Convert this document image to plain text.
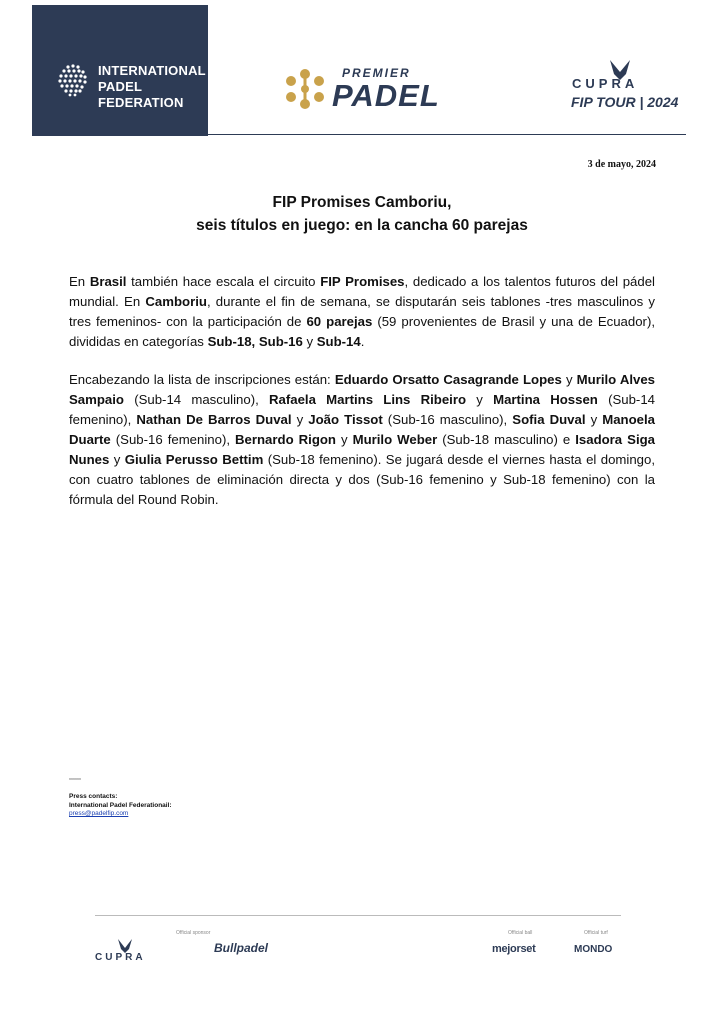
INTERNATIONAL
PADEL
FEDERATION
PREMIER
PADEL	CUPRA
FIP TOUR | 2024
3 de mayo, 2024
FIP Promises Camboriu,
seis títulos en juego: en la cancha 60 parejas

En Brasil también hace escala el circuito FIP Promises, dedicado a los talentos futuros del pádel mundial. En Camboriu, durante el fin de semana, se disputarán seis tablones -tres masculinos y tres femeninos- con la participación de 60 parejas (59 provenientes de Brasil y una de Ecuador), divididas en categorías Sub-18, Sub-16 y Sub-14.

Encabezando la lista de inscripciones están: Eduardo Orsatto Casagrande Lopes y Murilo Alves Sampaio (Sub-14 masculino), Rafaela Martins Lins Ribeiro y Martina Hossen (Sub-14 femenino), Nathan De Barros Duval y João Tissot (Sub-16 masculino), Sofia Duval y Manoela Duarte (Sub-16 femenino), Bernardo Rigon y Murilo Weber (Sub-18 masculino) e Isadora Siga Nunes y Giulia Perusso Bettim (Sub-18 femenino). Se jugará desde el viernes hasta el domingo, con cuatro tablones de eliminación directa y dos (Sub-16 femenino y Sub-18 femenino) con la fórmula del Round Robin.

xxxxxx
Press contacts:
International Padel Federationail:
press@padelfip.com
Official sponsor	Official ball	Official turf
CUPRA
Bullpadel	mejorset	MONDO
